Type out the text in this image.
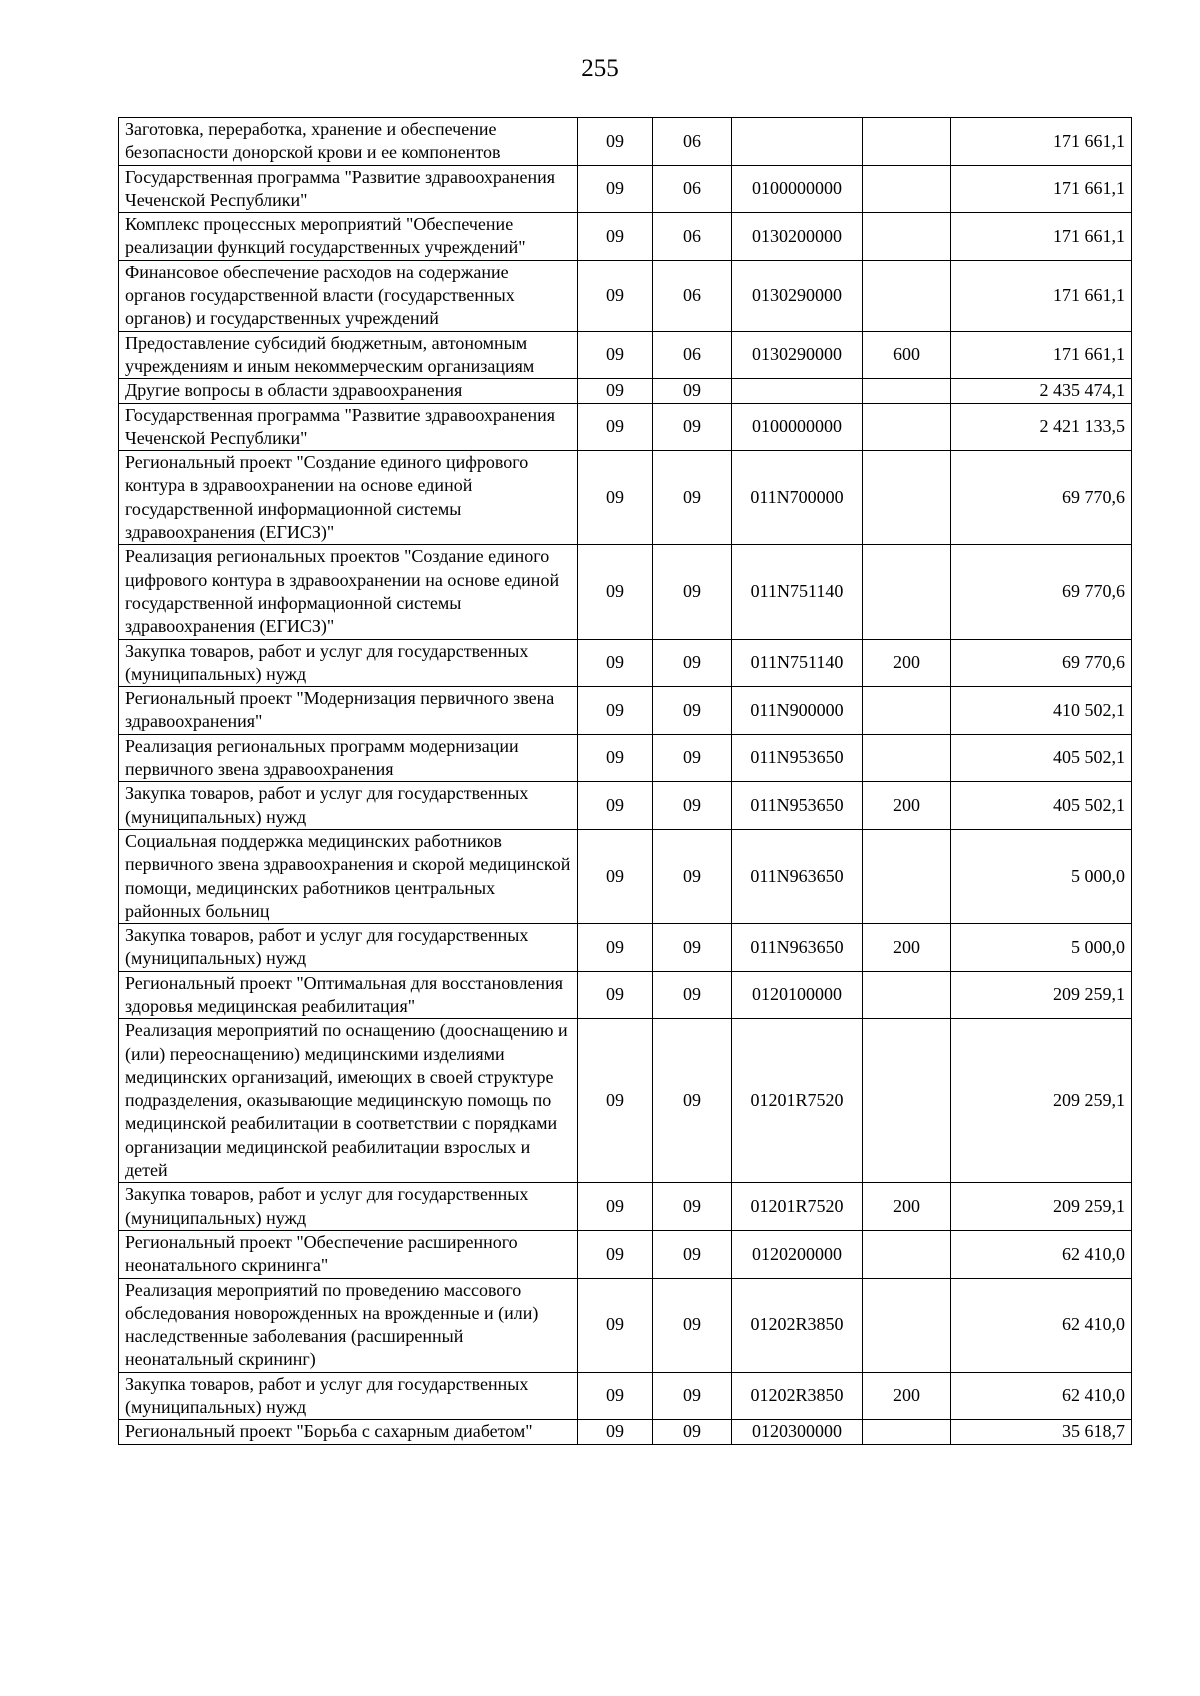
255
Заготовка, переработка, хранение и обеспечение безопасности донорской крови и ее компонентов	09	06			171 661,1
Государственная программа "Развитие здравоохранения Чеченской Республики"	09	06	0100000000		171 661,1
Комплекс процессных мероприятий "Обеспечение реализации функций государственных учреждений"	09	06	0130200000		171 661,1
Финансовое обеспечение расходов на содержание органов государственной власти (государственных органов) и государственных учреждений	09	06	0130290000		171 661,1
Предоставление субсидий бюджетным, автономным учреждениям и иным некоммерческим организациям	09	06	0130290000	600	171 661,1
Другие вопросы в области здравоохранения	09	09			2 435 474,1
Государственная программа "Развитие здравоохранения Чеченской Республики"	09	09	0100000000		2 421 133,5
Региональный проект "Создание единого цифрового контура в здравоохранении на основе единой государственной информационной системы здравоохранения (ЕГИСЗ)"	09	09	011N700000		69 770,6
Реализация региональных проектов "Создание единого цифрового контура в здравоохранении на основе единой государственной информационной системы здравоохранения (ЕГИСЗ)"	09	09	011N751140		69 770,6
Закупка товаров, работ и услуг для государственных (муниципальных) нужд	09	09	011N751140	200	69 770,6
Региональный проект "Модернизация первичного звена здравоохранения"	09	09	011N900000		410 502,1
Реализация региональных программ модернизации первичного звена здравоохранения	09	09	011N953650		405 502,1
Закупка товаров, работ и услуг для государственных (муниципальных) нужд	09	09	011N953650	200	405 502,1
Социальная поддержка медицинских работников первичного звена здравоохранения и скорой медицинской помощи, медицинских работников центральных районных больниц	09	09	011N963650		5 000,0
Закупка товаров, работ и услуг для государственных (муниципальных) нужд	09	09	011N963650	200	5 000,0
Региональный проект "Оптимальная для восстановления здоровья медицинская реабилитация"	09	09	0120100000		209 259,1
Реализация мероприятий по оснащению (дооснащению и (или) переоснащению) медицинскими изделиями медицинских организаций, имеющих в своей структуре подразделения, оказывающие медицинскую помощь по медицинской реабилитации в соответствии с порядками организации медицинской реабилитации взрослых и детей	09	09	01201R7520		209 259,1
Закупка товаров, работ и услуг для государственных (муниципальных) нужд	09	09	01201R7520	200	209 259,1
Региональный проект "Обеспечение расширенного неонатального скрининга"	09	09	0120200000		62 410,0
Реализация мероприятий по проведению массового обследования новорожденных на врожденные и (или) наследственные заболевания (расширенный неонатальный скрининг)	09	09	01202R3850		62 410,0
Закупка товаров, работ и услуг для государственных (муниципальных) нужд	09	09	01202R3850	200	62 410,0
Региональный проект "Борьба с сахарным диабетом"	09	09	0120300000		35 618,7
